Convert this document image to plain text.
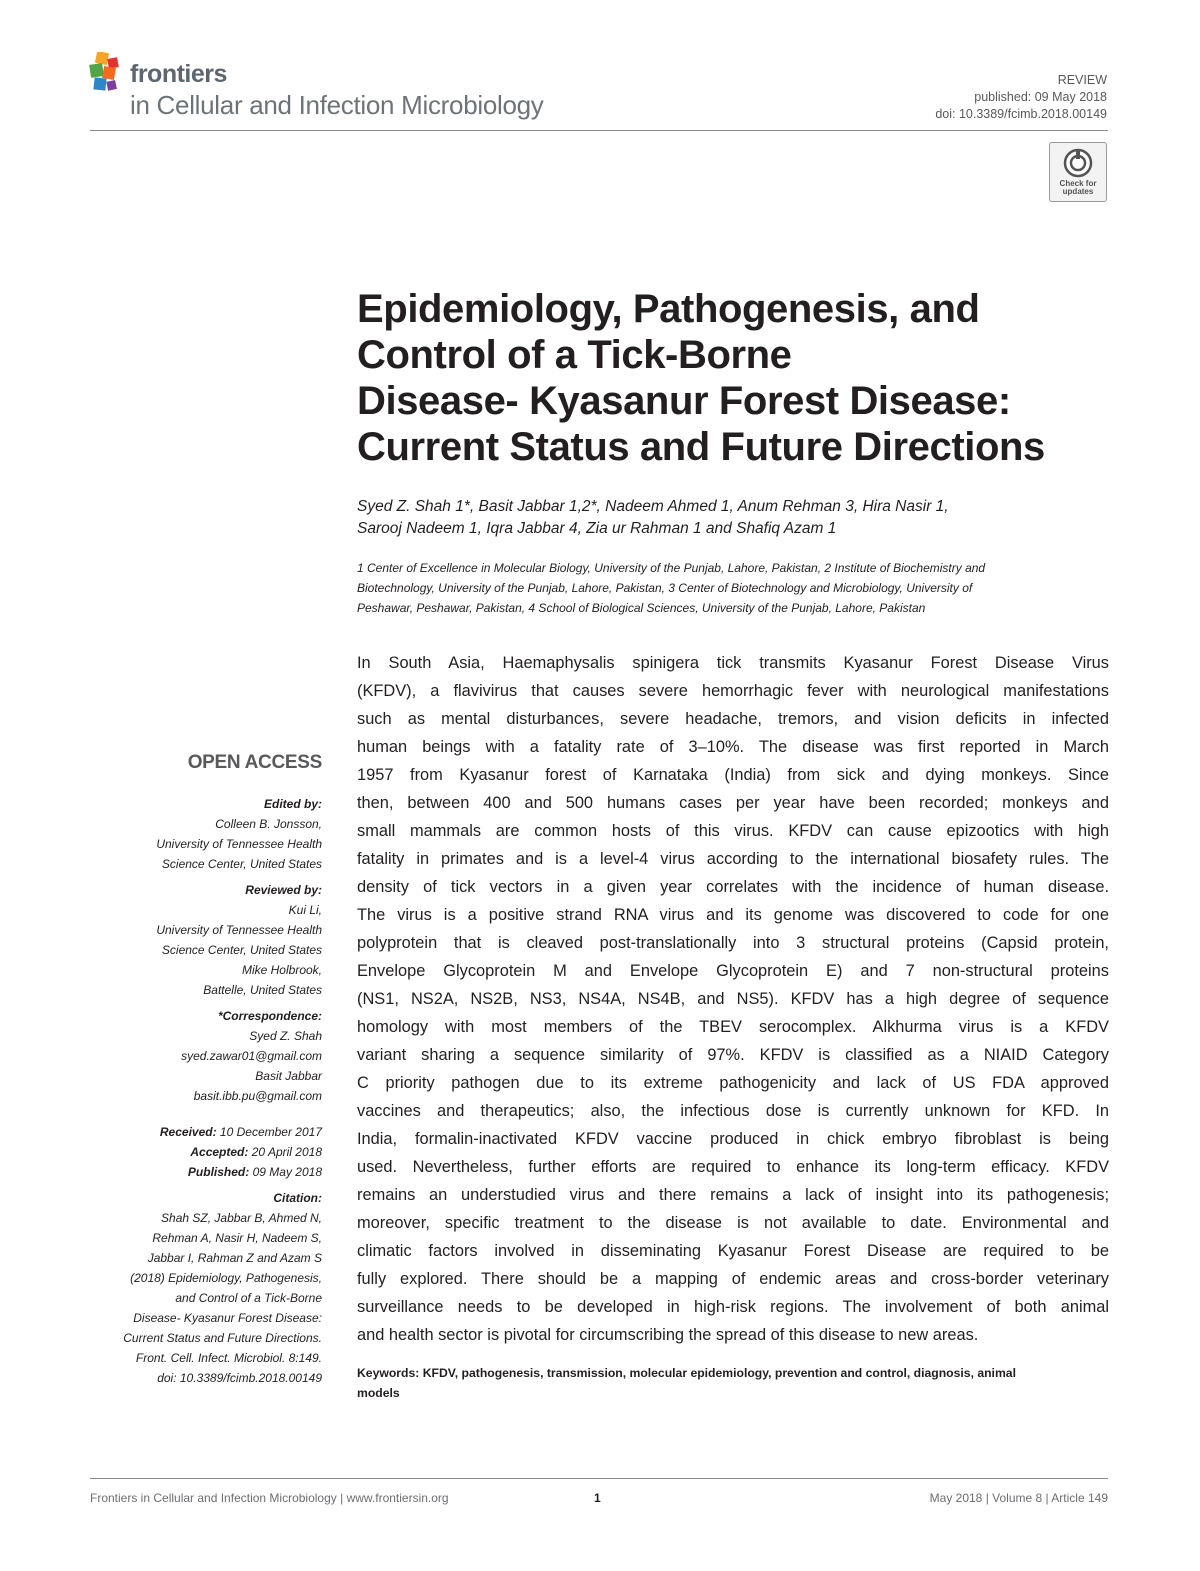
frontiers
in Cellular and Infection Microbiology
REVIEW
published: 09 May 2018
doi: 10.3389/fcimb.2018.00149
Check for
updates
Epidemiology, Pathogenesis, and
Control of a Tick-Borne
Disease- Kyasanur Forest Disease:
Current Status and Future Directions
Syed Z. Shah 1*, Basit Jabbar 1,2*, Nadeem Ahmed 1, Anum Rehman 3, Hira Nasir 1,
Sarooj Nadeem 1, Iqra Jabbar 4, Zia ur Rahman 1 and Shafiq Azam 1
1 Center of Excellence in Molecular Biology, University of the Punjab, Lahore, Pakistan, 2 Institute of Biochemistry and
Biotechnology, University of the Punjab, Lahore, Pakistan, 3 Center of Biotechnology and Microbiology, University of
Peshawar, Peshawar, Pakistan, 4 School of Biological Sciences, University of the Punjab, Lahore, Pakistan
In South Asia, Haemaphysalis spinigera tick transmits Kyasanur Forest Disease Virus
(KFDV), a flavivirus that causes severe hemorrhagic fever with neurological manifestations
such as mental disturbances, severe headache, tremors, and vision deficits in infected
human beings with a fatality rate of 3–10%. The disease was first reported in March
1957 from Kyasanur forest of Karnataka (India) from sick and dying monkeys. Since
then, between 400 and 500 humans cases per year have been recorded; monkeys and
small mammals are common hosts of this virus. KFDV can cause epizootics with high
fatality in primates and is a level-4 virus according to the international biosafety rules. The
density of tick vectors in a given year correlates with the incidence of human disease.
The virus is a positive strand RNA virus and its genome was discovered to code for one
polyprotein that is cleaved post-translationally into 3 structural proteins (Capsid protein,
Envelope Glycoprotein M and Envelope Glycoprotein E) and 7 non-structural proteins
(NS1, NS2A, NS2B, NS3, NS4A, NS4B, and NS5). KFDV has a high degree of sequence
homology with most members of the TBEV serocomplex. Alkhurma virus is a KFDV
variant sharing a sequence similarity of 97%. KFDV is classified as a NIAID Category
C priority pathogen due to its extreme pathogenicity and lack of US FDA approved
vaccines and therapeutics; also, the infectious dose is currently unknown for KFD. In
India, formalin-inactivated KFDV vaccine produced in chick embryo fibroblast is being
used. Nevertheless, further efforts are required to enhance its long-term efficacy. KFDV
remains an understudied virus and there remains a lack of insight into its pathogenesis;
moreover, specific treatment to the disease is not available to date. Environmental and
climatic factors involved in disseminating Kyasanur Forest Disease are required to be
fully explored. There should be a mapping of endemic areas and cross-border veterinary
surveillance needs to be developed in high-risk regions. The involvement of both animal
and health sector is pivotal for circumscribing the spread of this disease to new areas.
Keywords: KFDV, pathogenesis, transmission, molecular epidemiology, prevention and control, diagnosis, animal
models
OPEN ACCESS
Edited by:
Colleen B. Jonsson,
University of Tennessee Health
Science Center, United States
Reviewed by:
Kui Li,
University of Tennessee Health
Science Center, United States
Mike Holbrook,
Battelle, United States
*Correspondence:
Syed Z. Shah
syed.zawar01@gmail.com
Basit Jabbar
basit.ibb.pu@gmail.com
Received: 10 December 2017
Accepted: 20 April 2018
Published: 09 May 2018
Citation:
Shah SZ, Jabbar B, Ahmed N,
Rehman A, Nasir H, Nadeem S,
Jabbar I, Rahman Z and Azam S
(2018) Epidemiology, Pathogenesis,
and Control of a Tick-Borne
Disease- Kyasanur Forest Disease:
Current Status and Future Directions.
Front. Cell. Infect. Microbiol. 8:149.
doi: 10.3389/fcimb.2018.00149
Frontiers in Cellular and Infection Microbiology | www.frontiersin.org	1	May 2018 | Volume 8 | Article 149
